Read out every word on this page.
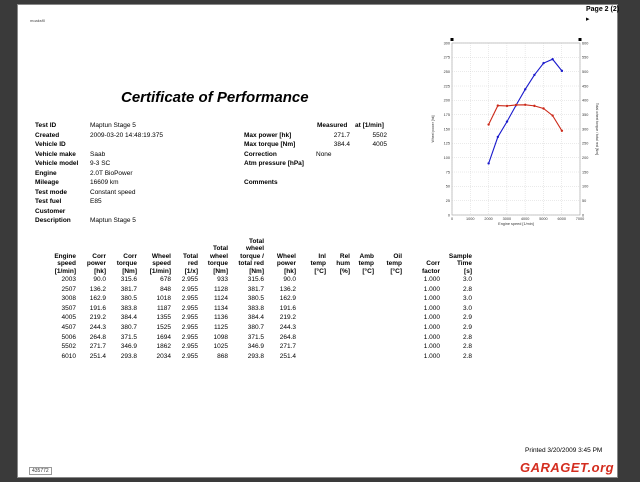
moaksf0
Page 2 (2)
▸
Certificate of Performance
Test ID	Maptun Stage 5
Created	2009-03-20 14:48:19.375
Vehicle ID
Vehicle make Saab
Vehicle model 9-3 SC
Engine	2.0T BioPower
Mileage	16609 km
Test mode	Constant speed
Test fuel	E85
Customer
Description	Maptun Stage 5
Measured at [1/min]
Max power [hk]	271.7	5502
Max torque [Nm]	384.4	4005
Correction	None
Atm pressure [hPa]
Comments
0
25
50
75
100
125
150
175
200
225
250
275
300
0
50
100
150
200
250
300
350
400
450
500
550
600
0	1000	2000	3000	4000	5000	6000	7000
Engine speed [1/min]
Wheel power [hk]	Total wheel torque / total red [Nm]
						Total							
					Total	wheel							
Engine	Corr	Corr	Wheel	Total	wheel	torque /	Wheel	Inl	Rel	Amb	Oil		Sample
speed	power	torque	speed	red	torque	total red	power	temp	hum	temp	temp	Corr	Time
[1/min]	[hk]	[Nm]	[1/min]	[1/x]	[Nm]	[Nm]	[hk]	[°C]	[%]	[°C]	[°C]	factor	[s]
2003	90.0	315.6	678	2.955	933	315.6	90.0					1.000	3.0
2507	136.2	381.7	848	2.955	1128	381.7	136.2					1.000	2.8
3008	162.9	380.5	1018	2.955	1124	380.5	162.9					1.000	3.0
3507	191.6	383.8	1187	2.955	1134	383.8	191.6					1.000	3.0
4005	219.2	384.4	1355	2.955	1136	384.4	219.2					1.000	2.9
4507	244.3	380.7	1525	2.955	1125	380.7	244.3					1.000	2.9
5006	264.8	371.5	1694	2.955	1098	371.5	264.8					1.000	2.8
5502	271.7	346.9	1862	2.955	1025	346.9	271.7					1.000	2.8
6010	251.4	293.8	2034	2.955	868	293.8	251.4					1.000	2.8
Printed 3/20/2009 3:45 PM
435772	GARAGET.org
